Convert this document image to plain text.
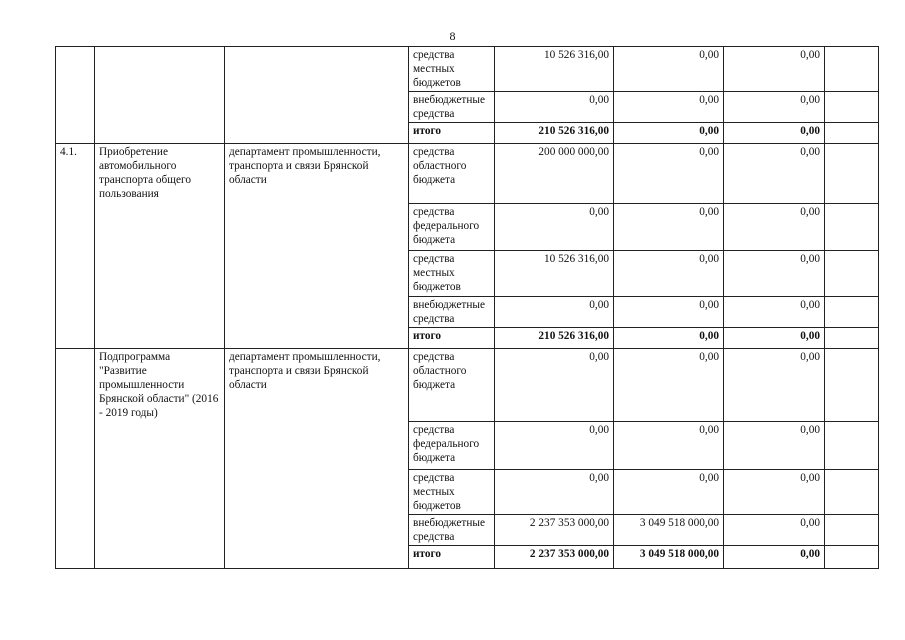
8
			средства местных бюджетов	10 526 316,00	0,00	0,00	
			внебюджетные средства	0,00	0,00	0,00	
			итого	210 526 316,00	0,00	0,00	
4.1.	Приобретение автомобильного транспорта общего пользования	департамент промышленности, транспорта и связи Брянской области	средства областного бюджета	200 000 000,00	0,00	0,00	
			средства федерального бюджета	0,00	0,00	0,00	
			средства местных бюджетов	10 526 316,00	0,00	0,00	
			внебюджетные средства	0,00	0,00	0,00	
			итого	210 526 316,00	0,00	0,00	
	Подпрограмма "Развитие промышленности Брянской области" (2016 - 2019 годы)	департамент промышленности, транспорта и связи Брянской области	средства областного бюджета	0,00	0,00	0,00	
			средства федерального бюджета	0,00	0,00	0,00	
			средства местных бюджетов	0,00	0,00	0,00	
			внебюджетные средства	2 237 353 000,00	3 049 518 000,00	0,00	
			итого	2 237 353 000,00	3 049 518 000,00	0,00	
